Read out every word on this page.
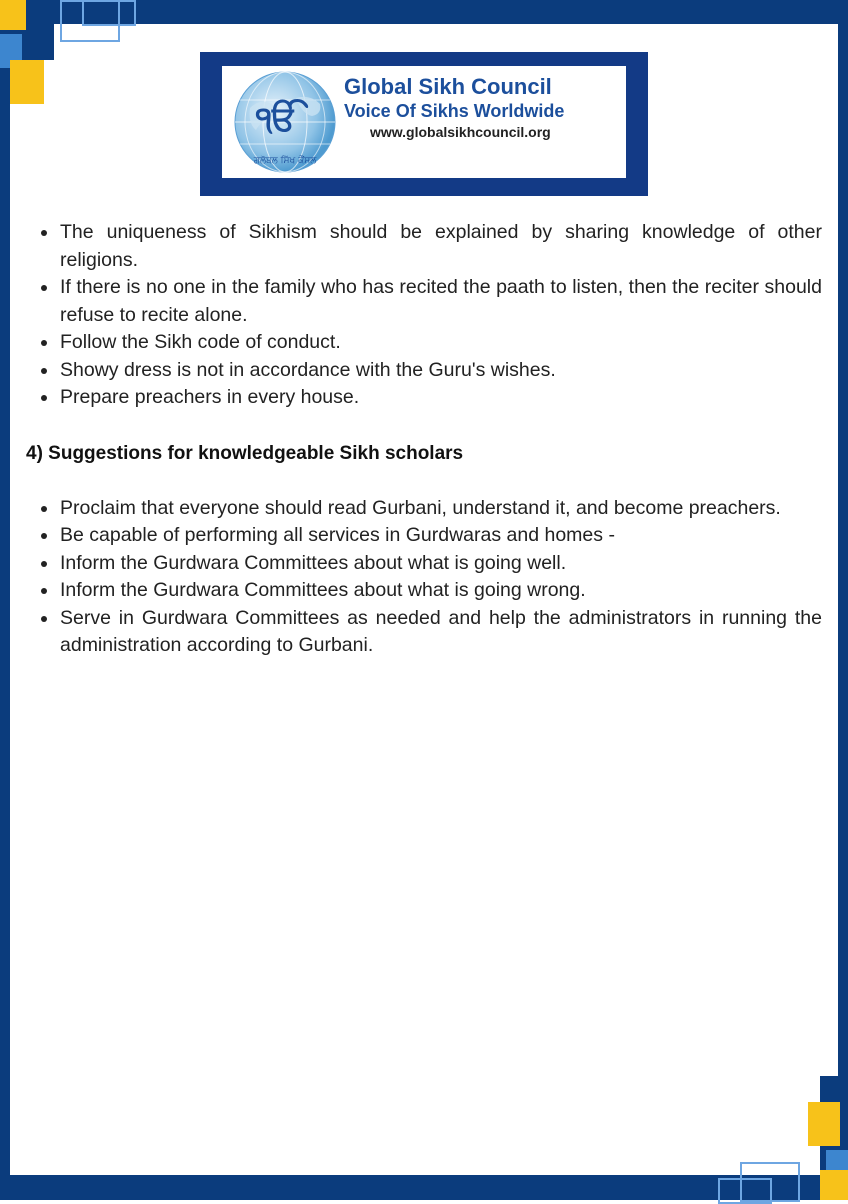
ੴ
ਗਲੋਬਲ ਸਿੱਖ ਕੌਂਸਲ
Global Sikh Council
Voice Of Sikhs Worldwide
www.globalsikhcouncil.org
The uniqueness of Sikhism should be explained by sharing knowledge of other religions.
If there is no one in the family who has recited the paath to listen, then the reciter should refuse to recite alone.
Follow the Sikh code of conduct.
Showy dress is not in accordance with the Guru's wishes.
Prepare preachers in every house.
4) Suggestions for knowledgeable Sikh scholars
Proclaim that everyone should read Gurbani, understand it, and become preachers.
Be capable of performing all services in Gurdwaras and homes -
Inform the Gurdwara Committees about what is going well.
Inform the Gurdwara Committees about what is going wrong.
Serve in Gurdwara Committees as needed and help the administrators in running the administration according to Gurbani.
